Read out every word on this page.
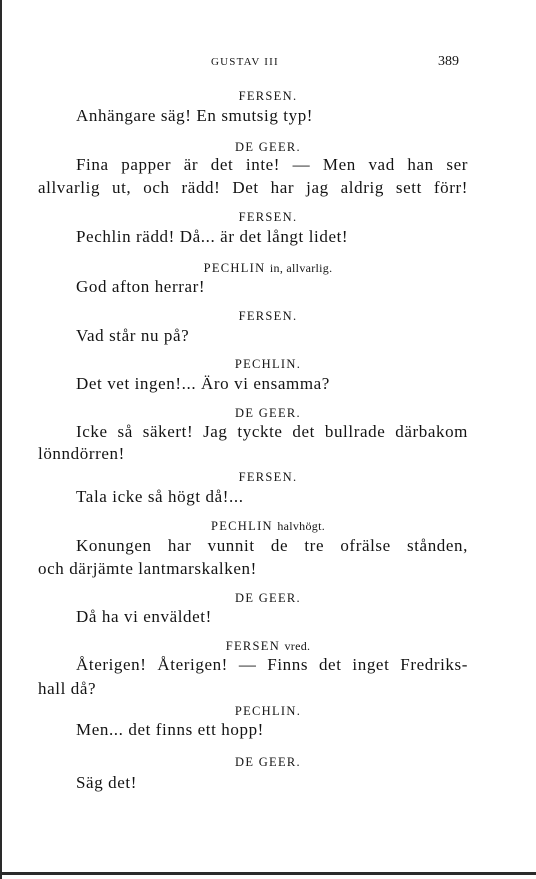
GUSTAV III	389
FERSEN.
Anhängare säg! En smutsig typ!
DE GEER.
Fina papper är det inte! — Men vad han ser
allvarlig ut, och rädd! Det har jag aldrig sett förr!
FERSEN.
Pechlin rädd! Då... är det långt lidet!
PECHLIN in, allvarlig.
God afton herrar!
FERSEN.
Vad står nu på?
PECHLIN.
Det vet ingen!... Äro vi ensamma?
DE GEER.
Icke så säkert! Jag tyckte det bullrade därbakom
lönndörren!
FERSEN.
Tala icke så högt då!...
PECHLIN halvhögt.
Konungen har vunnit de tre ofrälse stånden,
och därjämte lantmarskalken!
DE GEER.
Då ha vi enväldet!
FERSEN vred.
Återigen! Återigen! — Finns det inget Fredriks-
hall då?
PECHLIN.
Men... det finns ett hopp!
DE GEER.
Säg det!
